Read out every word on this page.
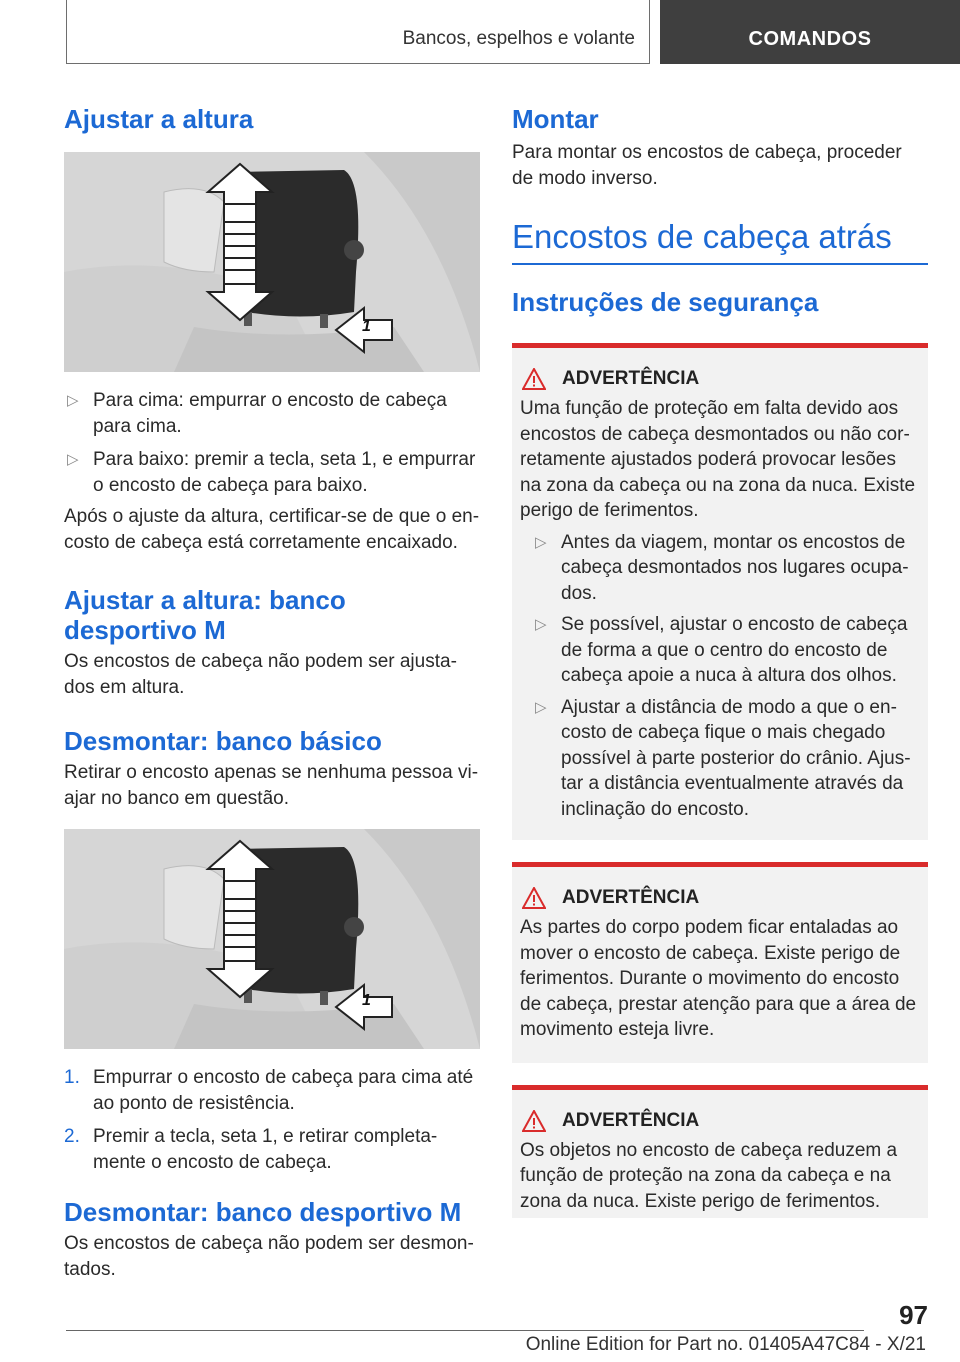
Bancos, espelhos e volante	COMANDOS
Ajustar a altura
1
▷ Para cima: empurrar o encosto de cabeça para cima.
▷ Para baixo: premir a tecla, seta 1, e empurrar o encosto de cabeça para baixo.
Após o ajuste da altura, certificar-se de que o encosto de cabeça está corretamente encaixado.
Ajustar a altura: banco desportivo M
Os encostos de cabeça não podem ser ajustados em altura.
Desmontar: banco básico
Retirar o encosto apenas se nenhuma pessoa viajar no banco em questão.
1
1. Empurrar o encosto de cabeça para cima até ao ponto de resistência.
2. Premir a tecla, seta 1, e retirar completamente o encosto de cabeça.
Desmontar: banco desportivo M
Os encostos de cabeça não podem ser desmontados.
Montar
Para montar os encostos de cabeça, proceder de modo inverso.
Encostos de cabeça atrás
Instruções de segurança
ADVERTÊNCIA
Uma função de proteção em falta devido aos encostos de cabeça desmontados ou não corretamente ajustados poderá provocar lesões na zona da cabeça ou na zona da nuca. Existe perigo de ferimentos.
▷ Antes da viagem, montar os encostos de cabeça desmontados nos lugares ocupados.
▷ Se possível, ajustar o encosto de cabeça de forma a que o centro do encosto de cabeça apoie a nuca à altura dos olhos.
▷ Ajustar a distância de modo a que o encosto de cabeça fique o mais chegado possível à parte posterior do crânio. Ajustar a distância eventualmente através da inclinação do encosto.
ADVERTÊNCIA
As partes do corpo podem ficar entaladas ao mover o encosto de cabeça. Existe perigo de ferimentos. Durante o movimento do encosto de cabeça, prestar atenção para que a área de movimento esteja livre.
ADVERTÊNCIA
Os objetos no encosto de cabeça reduzem a função de proteção na zona da cabeça e na zona da nuca. Existe perigo de ferimentos.
97
Online Edition for Part no. 01405A47C84 - X/21
